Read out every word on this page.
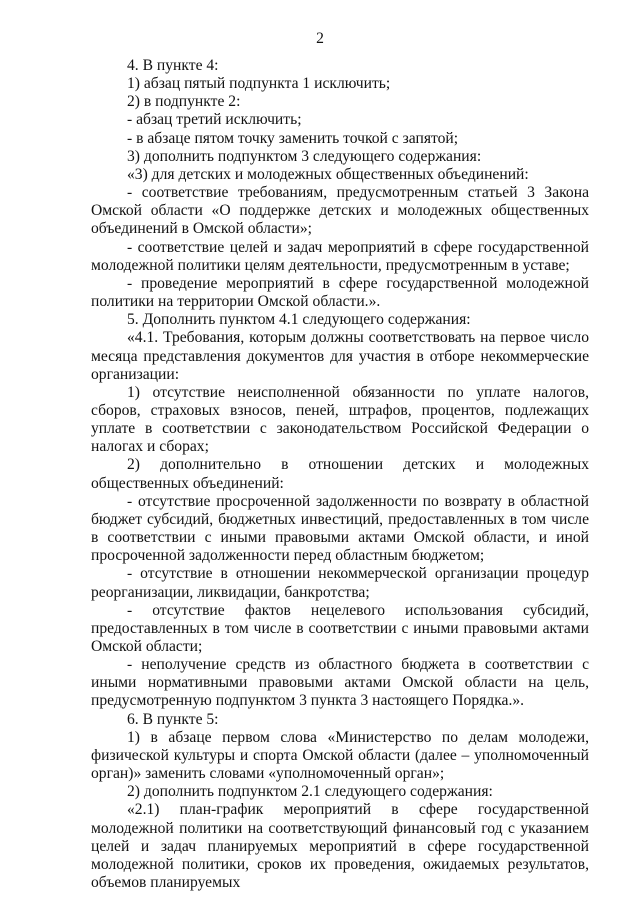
2

4. В пункте 4:

1) абзац пятый подпункта 1 исключить;

2) в подпункте 2:

- абзац третий исключить;

- в абзаце пятом точку заменить точкой с запятой;

3) дополнить подпунктом 3 следующего содержания:

«3) для детских и молодежных общественных объединений:

- соответствие требованиям, предусмотренным статьей 3 Закона Омской области «О поддержке детских и молодежных общественных объединений в Омской области»;

- соответствие целей и задач мероприятий в сфере государственной молодежной политики целям деятельности, предусмотренным в уставе;

- проведение мероприятий в сфере государственной молодежной политики на территории Омской области.».

5. Дополнить пунктом 4.1 следующего содержания:

«4.1. Требования, которым должны соответствовать на первое число месяца представления документов для участия в отборе некоммерческие организации:

1) отсутствие неисполненной обязанности по уплате налогов, сборов, страховых взносов, пеней, штрафов, процентов, подлежащих уплате в соответствии с законодательством Российской Федерации о налогах и сборах;

2) дополнительно в отношении детских и молодежных общественных объединений:

- отсутствие просроченной задолженности по возврату в областной бюджет субсидий, бюджетных инвестиций, предоставленных в том числе в соответствии с иными правовыми актами Омской области, и иной просроченной задолженности перед областным бюджетом;

- отсутствие в отношении некоммерческой организации процедур реорганизации, ликвидации, банкротства;

- отсутствие фактов нецелевого использования субсидий, предоставленных в том числе в соответствии с иными правовыми актами Омской области;

- неполучение средств из областного бюджета в соответствии с иными нормативными правовыми актами Омской области на цель, предусмотренную подпунктом 3 пункта 3 настоящего Порядка.».

6. В пункте 5:

1) в абзаце первом слова «Министерство по делам молодежи, физической культуры и спорта Омской области (далее – уполномоченный орган)» заменить словами «уполномоченный орган»;

2) дополнить подпунктом 2.1 следующего содержания:

«2.1) план-график мероприятий в сфере государственной молодежной политики на соответствующий финансовый год с указанием целей и задач планируемых мероприятий в сфере государственной молодежной политики, сроков их проведения, ожидаемых результатов, объемов планируемых
